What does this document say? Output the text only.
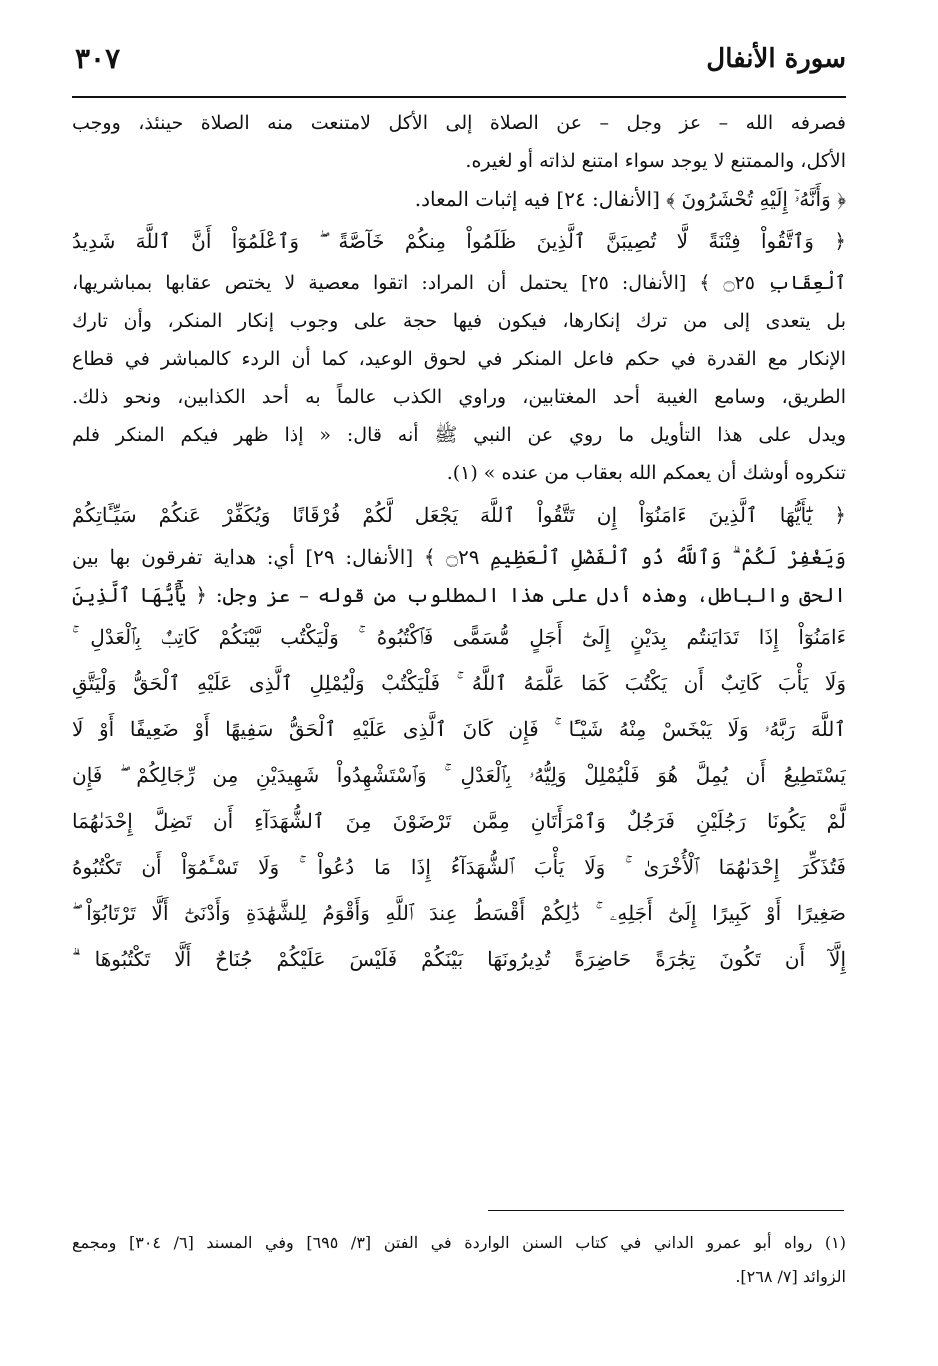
سورة الأنفال
٣٠٧
فصرفه الله – عز وجل – عن الصلاة إلى الأكل لامتنعت منه الصلاة حينئذ، ووجب
الأكل، والممتنع لا يوجد سواء امتنع لذاته أو لغيره.
﴿ وَأَنَّهُۥٓ إِلَيْهِ تُحْشَرُونَ ﴾ [الأنفال: ٢٤] فيه إثبات المعاد.
﴿ وَٱتَّقُواْ فِتْنَةً لَّا تُصِيبَنَّ ٱلَّذِينَ ظَلَمُواْ مِنكُمْ خَآصَّةً ۖ وَٱعْلَمُوٓاْ أَنَّ ٱللَّهَ شَدِيدُ
ٱلْعِقَابِ ۝٢٥ ﴾ [الأنفال: ٢٥] يحتمل أن المراد: اتقوا معصية لا يختص عقابها بمباشريها،
بل يتعدى إلى من ترك إنكارها، فيكون فيها حجة على وجوب إنكار المنكر، وأن تارك
الإنكار مع القدرة في حكم فاعل المنكر في لحوق الوعيد، كما أن الردء كالمباشر في قطاع
الطريق، وسامع الغيبة أحد المغتابين، وراوي الكذب عالماً به أحد الكذابين، ونحو ذلك.
ويدل على هذا التأويل ما روي عن النبي ﷺ أنه قال: « إذا ظهر فيكم المنكر فلم
تنكروه أوشك أن يعمكم الله بعقاب من عنده » (١).
﴿ يَٰٓأَيُّهَا ٱلَّذِينَ ءَامَنُوٓاْ إِن تَتَّقُواْ ٱللَّهَ يَجْعَل لَّكُمْ فُرْقَانًا وَيُكَفِّرْ عَنكُمْ سَيِّـَٔاتِكُمْ
وَيَغْفِرْ لَكُمْ ۗ وَٱللَّهُ ذُو ٱلْفَضْلِ ٱلْعَظِيمِ ۝٢٩ ﴾ [الأنفال: ٢٩] أي: هداية تفرقون بها بين
الحق والباطل، وهذه أدل على هذا المطلوب من قوله – عز وجل: ﴿ يَٰٓأَيُّهَا ٱلَّذِينَ
ءَامَنُوٓاْ إِذَا تَدَايَنتُم بِدَيْنٍ إِلَىٰٓ أَجَلٍ مُّسَمًّى فَٱكْتُبُوهُ ۚ وَلْيَكْتُب بَّيْنَكُمْ كَاتِبٌۢ بِٱلْعَدْلِ ۚ
وَلَا يَأْبَ كَاتِبٌ أَن يَكْتُبَ كَمَا عَلَّمَهُ ٱللَّهُ ۚ فَلْيَكْتُبْ وَلْيُمْلِلِ ٱلَّذِى عَلَيْهِ ٱلْحَقُّ وَلْيَتَّقِ
ٱللَّهَ رَبَّهُۥ وَلَا يَبْخَسْ مِنْهُ شَيْـًٔا ۚ فَإِن كَانَ ٱلَّذِى عَلَيْهِ ٱلْحَقُّ سَفِيهًا أَوْ ضَعِيفًا أَوْ لَا
يَسْتَطِيعُ أَن يُمِلَّ هُوَ فَلْيُمْلِلْ وَلِيُّهُۥ بِٱلْعَدْلِ ۚ وَٱسْتَشْهِدُواْ شَهِيدَيْنِ مِن رِّجَالِكُمْ ۖ فَإِن
لَّمْ يَكُونَا رَجُلَيْنِ فَرَجُلٌ وَٱمْرَأَتَانِ مِمَّن تَرْضَوْنَ مِنَ ٱلشُّهَدَآءِ أَن تَضِلَّ إِحْدَىٰهُمَا
فَتُذَكِّرَ إِحْدَىٰهُمَا ٱلْأُخْرَىٰ ۚ وَلَا يَأْبَ ٱلشُّهَدَآءُ إِذَا مَا دُعُواْ ۚ وَلَا تَسْـَٔمُوٓاْ أَن تَكْتُبُوهُ
صَغِيرًا أَوْ كَبِيرًا إِلَىٰٓ أَجَلِهِۦ ۚ ذَٰلِكُمْ أَقْسَطُ عِندَ ٱللَّهِ وَأَقْوَمُ لِلشَّهَٰدَةِ وَأَدْنَىٰٓ أَلَّا تَرْتَابُوٓاْ ۖ
إِلَّآ أَن تَكُونَ تِجَٰرَةً حَاضِرَةً تُدِيرُونَهَا بَيْنَكُمْ فَلَيْسَ عَلَيْكُمْ جُنَاحٌ أَلَّا تَكْتُبُوهَا ۗ
(١) رواه أبو عمرو الداني في كتاب السنن الواردة في الفتن [٣/ ٦٩٥] وفي المسند [٦/ ٣٠٤] ومجمع
الزوائد [٧/ ٢٦٨].
